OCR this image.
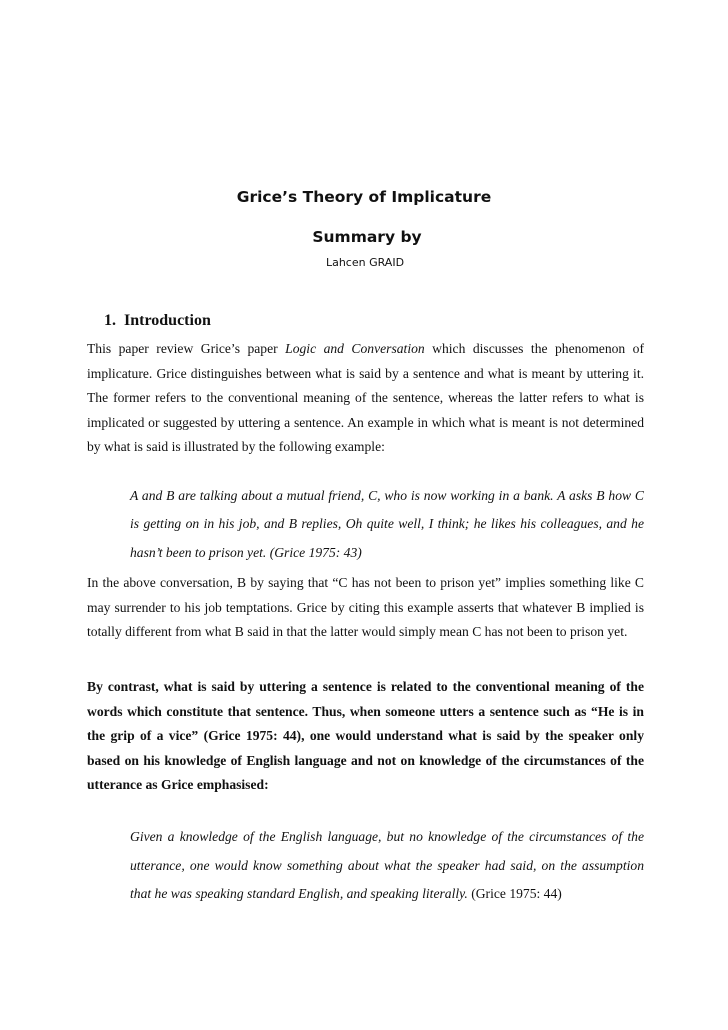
Grice’s Theory of Implicature
Summary by
Lahcen GRAID
1. Introduction

This paper review Grice’s paper Logic and Conversation which discusses the phenomenon of implicature. Grice distinguishes between what is said by a sentence and what is meant by uttering it. The former refers to the conventional meaning of the sentence, whereas the latter refers to what is implicated or suggested by uttering a sentence. An example in which what is meant is not determined by what is said is illustrated by the following example:

A and B are talking about a mutual friend, C, who is now working in a bank. A asks B how C is getting on in his job, and B replies, Oh quite well, I think; he likes his colleagues, and he hasn’t been to prison yet. (Grice 1975: 43)

In the above conversation, B by saying that “C has not been to prison yet” implies something like C may surrender to his job temptations. Grice by citing this example asserts that whatever B implied is totally different from what B said in that the latter would simply mean C has not been to prison yet.

By contrast, what is said by uttering a sentence is related to the conventional meaning of the words which constitute that sentence. Thus, when someone utters a sentence such as “He is in the grip of a vice” (Grice 1975: 44), one would understand what is said by the speaker only based on his knowledge of English language and not on knowledge of the circumstances of the utterance as Grice emphasised:

Given a knowledge of the English language, but no knowledge of the circumstances of the utterance, one would know something about what the speaker had said, on the assumption that he was speaking standard English, and speaking literally. (Grice 1975: 44)
